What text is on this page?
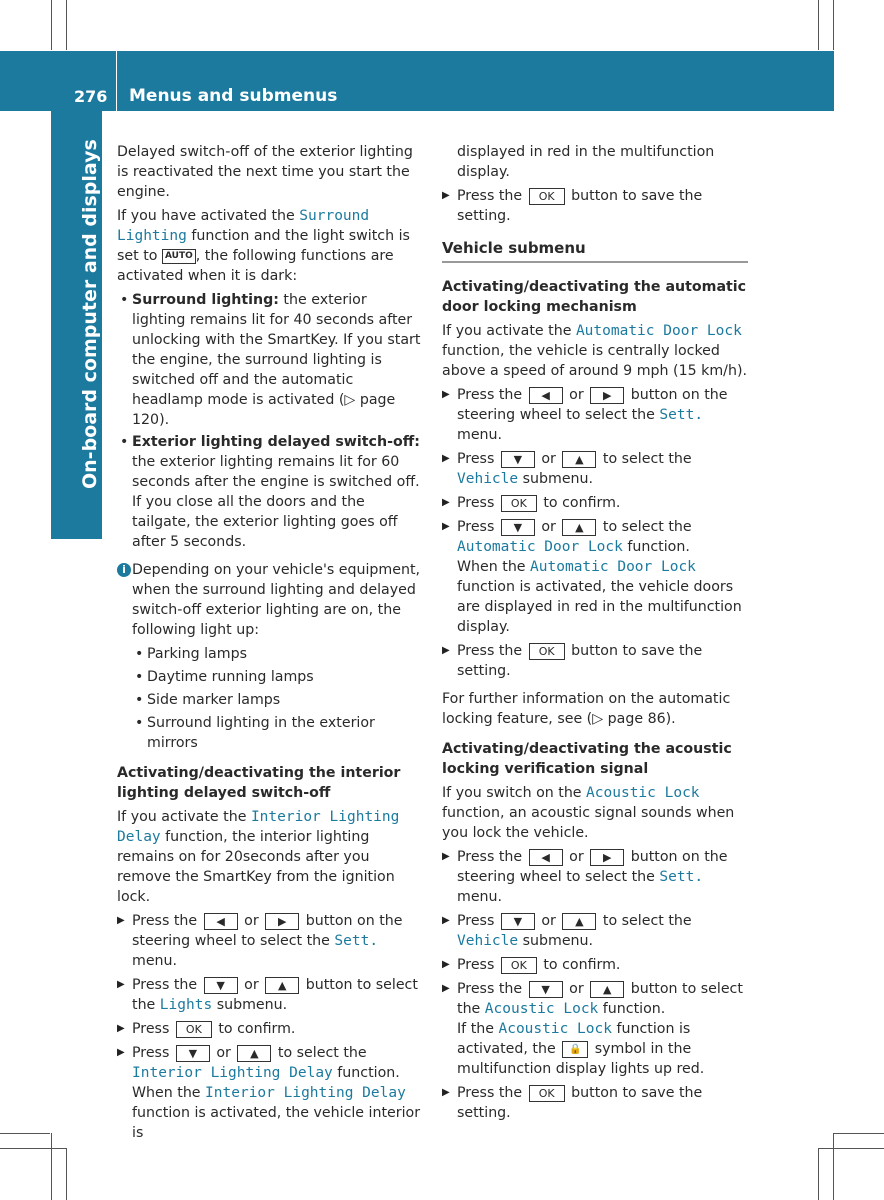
276 Menus and submenus
On-board computer and displays	Delayed switch-off of the exterior lighting is reactivated the next time you start the engine.

If you have activated the Surround Lighting function and the light switch is set to AUTO , the following functions are activated when it is dark:

• Surround lighting: the exterior lighting remains lit for 40 seconds after unlocking with the SmartKey. If you start the engine, the surround lighting is switched off and the automatic headlamp mode is activated (▷ page 120).
• Exterior lighting delayed switch-off: the exterior lighting remains lit for 60 seconds after the engine is switched off. If you close all the doors and the tailgate, the exterior lighting goes off after 5 seconds.
i Depending on your vehicle's equipment, when the surround lighting and delayed switch-off exterior lighting are on, the following light up:
• Parking lamps
• Daytime running lamps
• Side marker lamps
• Surround lighting in the exterior mirrors

Activating/deactivating the interior lighting delayed switch-off

If you activate the Interior Lighting Delay function, the interior lighting remains on for 20seconds after you remove the SmartKey from the ignition lock.

▶ Press the ◀ or ▶ button on the steering wheel to select the Sett. menu.
▶ Press the ▼ or ▲ button to select the Lights submenu.
▶ Press OK to confirm.
▶ Press ▼ or ▲ to select the Interior Lighting Delay function.
When the Interior Lighting Delay function is activated, the vehicle interior is

displayed in red in the multifunction display.

▶ Press the OK button to save the setting.

Vehicle submenu

Activating/deactivating the automatic door locking mechanism

If you activate the Automatic Door Lock function, the vehicle is centrally locked above a speed of around 9 mph (15 km/h).

▶ Press the ◀ or ▶ button on the steering wheel to select the Sett. menu.
▶ Press ▼ or ▲ to select the Vehicle submenu.
▶ Press OK to confirm.
▶ Press ▼ or ▲ to select the Automatic Door Lock function.
When the Automatic Door Lock function is activated, the vehicle doors are displayed in red in the multifunction display.
▶ Press the OK button to save the setting.

For further information on the automatic locking feature, see (▷ page 86).

Activating/deactivating the acoustic locking verification signal

If you switch on the Acoustic Lock function, an acoustic signal sounds when you lock the vehicle.

▶ Press the ◀ or ▶ button on the steering wheel to select the Sett. menu.
▶ Press ▼ or ▲ to select the Vehicle submenu.
▶ Press OK to confirm.
▶ Press the ▼ or ▲ button to select the Acoustic Lock function.
If the Acoustic Lock function is activated, the 🔒 symbol in the multifunction display lights up red.
▶ Press the OK button to save the setting.
